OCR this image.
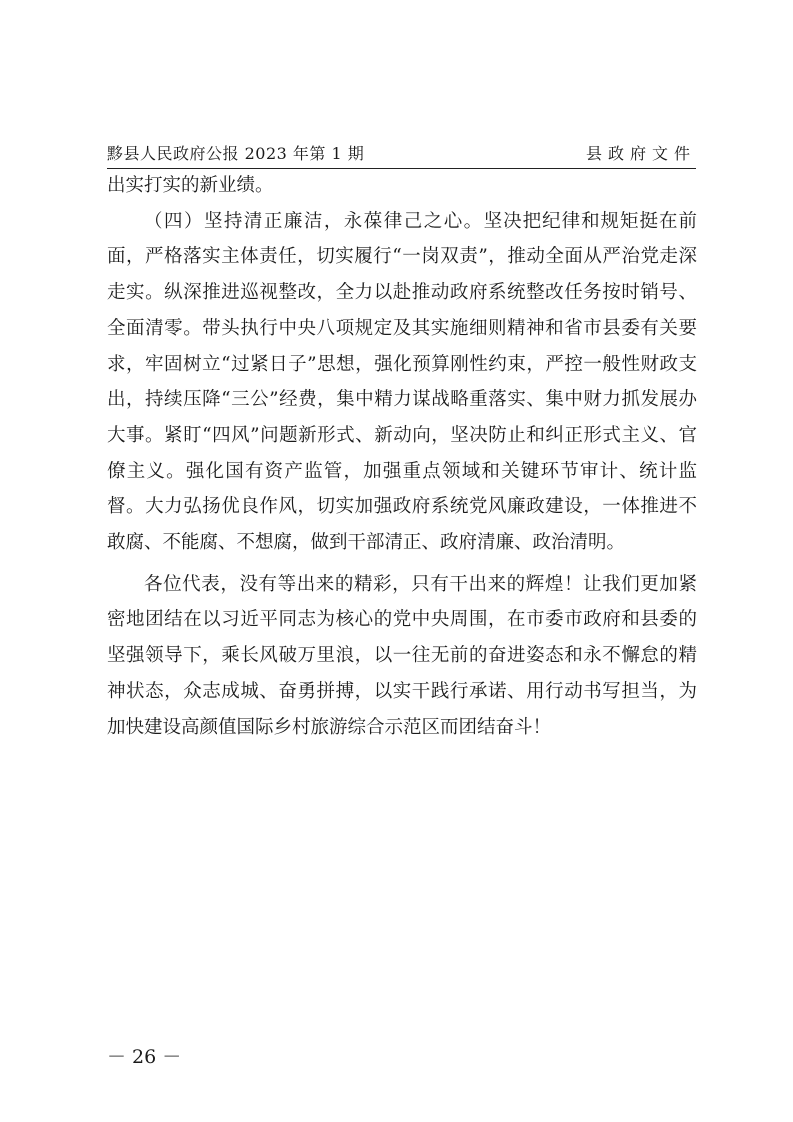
黟县人民政府公报 2023 年第 1 期	县政府文件

出实打实的新业绩。

（四）坚持清正廉洁，永葆律己之心。坚决把纪律和规矩挺在前面，严格落实主体责任，切实履行“一岗双责”，推动全面从严治党走深走实。纵深推进巡视整改，全力以赴推动政府系统整改任务按时销号、全面清零。带头执行中央八项规定及其实施细则精神和省市县委有关要求，牢固树立“过紧日子”思想，强化预算刚性约束，严控一般性财政支出，持续压降“三公”经费，集中精力谋战略重落实、集中财力抓发展办大事。紧盯“四风”问题新形式、新动向，坚决防止和纠正形式主义、官僚主义。强化国有资产监管，加强重点领域和关键环节审计、统计监督。大力弘扬优良作风，切实加强政府系统党风廉政建设，一体推进不敢腐、不能腐、不想腐，做到干部清正、政府清廉、政治清明。

各位代表，没有等出来的精彩，只有干出来的辉煌！让我们更加紧密地团结在以习近平同志为核心的党中央周围，在市委市政府和县委的坚强领导下，乘长风破万里浪，以一往无前的奋进姿态和永不懈怠的精神状态，众志成城、奋勇拼搏，以实干践行承诺、用行动书写担当，为加快建设高颜值国际乡村旅游综合示范区而团结奋斗！

－ 26 －
